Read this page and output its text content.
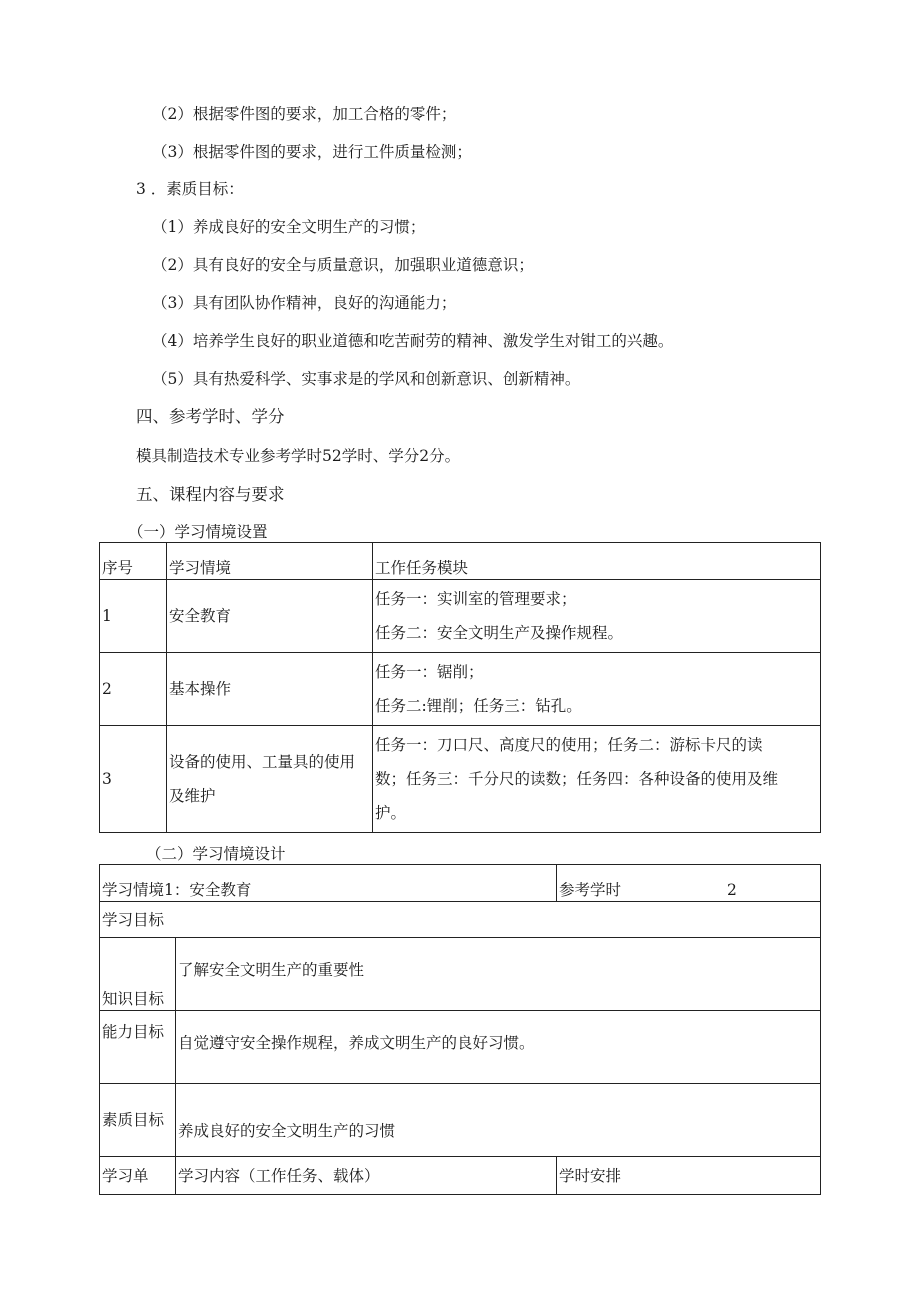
（2）根据零件图的要求，加工合格的零件；
（3）根据零件图的要求，进行工件质量检测；
3 ．素质目标：
（1）养成良好的安全文明生产的习惯；
（2）具有良好的安全与质量意识，加强职业道德意识；
（3）具有团队协作精神，良好的沟通能力；
（4）培养学生良好的职业道德和吃苦耐劳的精神、激发学生对钳工的兴趣。
（5）具有热爱科学、实事求是的学风和创新意识、创新精神。
四、参考学时、学分
模具制造技术专业参考学时52学时、学分2分。
五、课程内容与要求
（一）学习情境设置
序号	学习情境	工作任务模块
1	安全教育	任务一：实训室的管理要求；
任务二：安全文明生产及操作规程。

2	基本操作	任务一：锯削；
任务二:锂削；任务三：钻孔。

3	设备的使用、工量具的使用
及维护	任务一：刀口尺、高度尺的使用；任务二：游标卡尺的读
数；任务三：千分尺的读数；任务四：各种设备的使用及维
护。
（二）学习情境设计
学习情境1：安全教育		参考学时 2

学习目标		
知识目标	了解安全文明生产的重要性	
能力目标	自觉遵守安全操作规程，养成文明生产的良好习惯。	
素质目标	养成良好的安全文明生产的习惯	
学习单	学习内容（工作任务、载体）	学时安排
